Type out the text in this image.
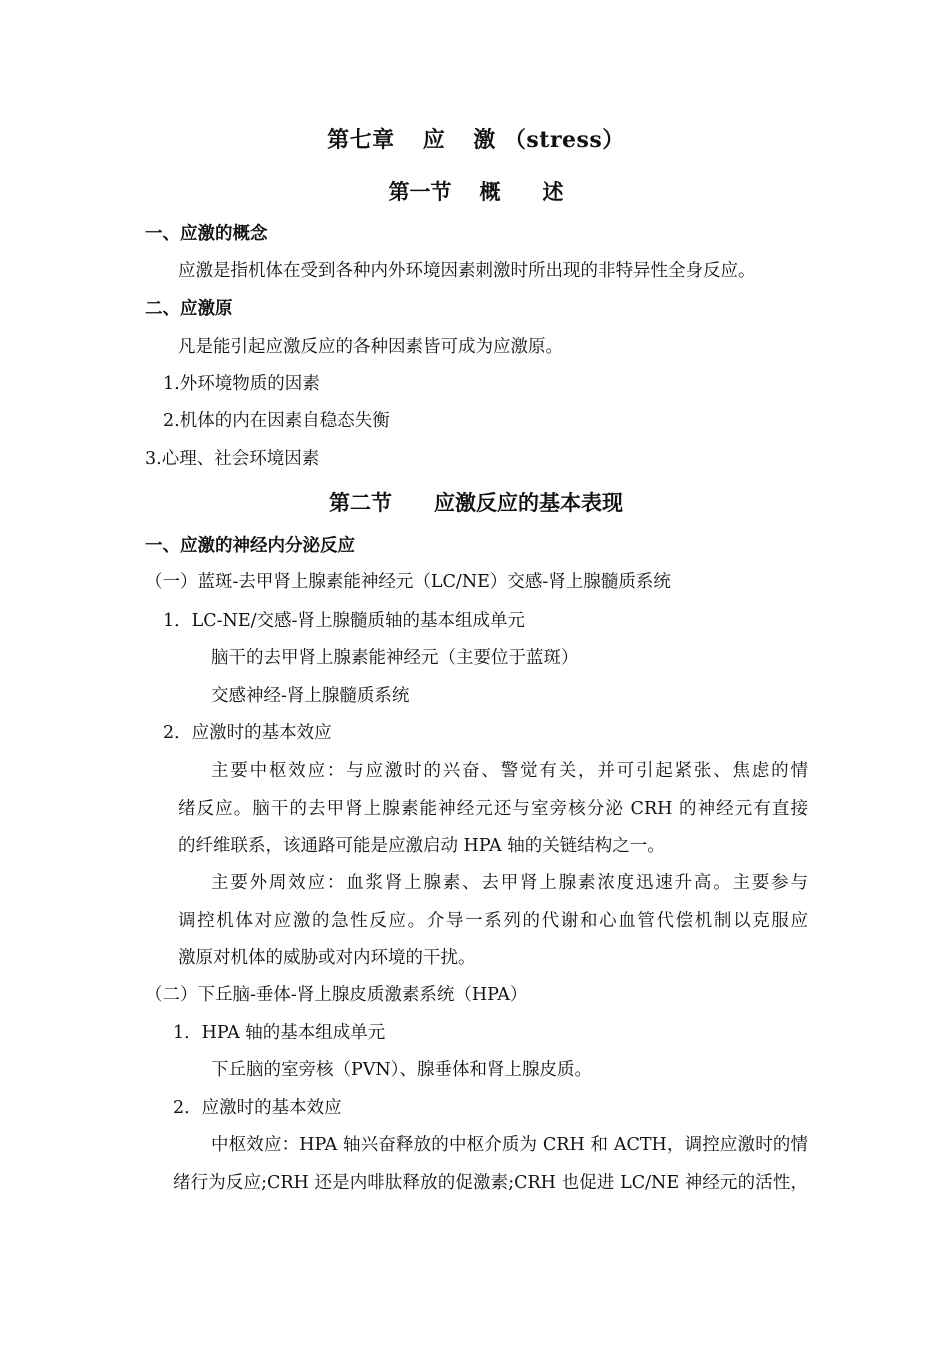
第七章 应 激 （stress）
第一节 概 述
一、应激的概念
应激是指机体在受到各种内外环境因素刺激时所出现的非特异性全身反应。
二、应激原
凡是能引起应激反应的各种因素皆可成为应激原。
1.外环境物质的因素
2.机体的内在因素自稳态失衡
3.心理、社会环境因素
第二节 应激反应的基本表现
一、应激的神经内分泌反应
（一）蓝斑-去甲肾上腺素能神经元（LC/NE）交感-肾上腺髓质系统
1．LC-NE/交感-肾上腺髓质轴的基本组成单元
脑干的去甲肾上腺素能神经元（主要位于蓝斑）
交感神经-肾上腺髓质系统
2．应激时的基本效应
主要中枢效应：与应激时的兴奋、警觉有关，并可引起紧张、焦虑的情
绪反应。脑干的去甲肾上腺素能神经元还与室旁核分泌 CRH 的神经元有直接
的纤维联系，该通路可能是应激启动 HPA 轴的关链结构之一。
主要外周效应：血浆肾上腺素、去甲肾上腺素浓度迅速升高。主要参与
调控机体对应激的急性反应。介导一系列的代谢和心血管代偿机制以克服应
激原对机体的威胁或对内环境的干扰。
（二）下丘脑-垂体-肾上腺皮质激素系统（HPA）
1．HPA 轴的基本组成单元
下丘脑的室旁核（PVN）、腺垂体和肾上腺皮质。
2．应激时的基本效应
中枢效应：HPA 轴兴奋释放的中枢介质为 CRH 和 ACTH，调控应激时的情
绪行为反应;CRH 还是内啡肽释放的促激素;CRH 也促进 LC/NE 神经元的活性，
